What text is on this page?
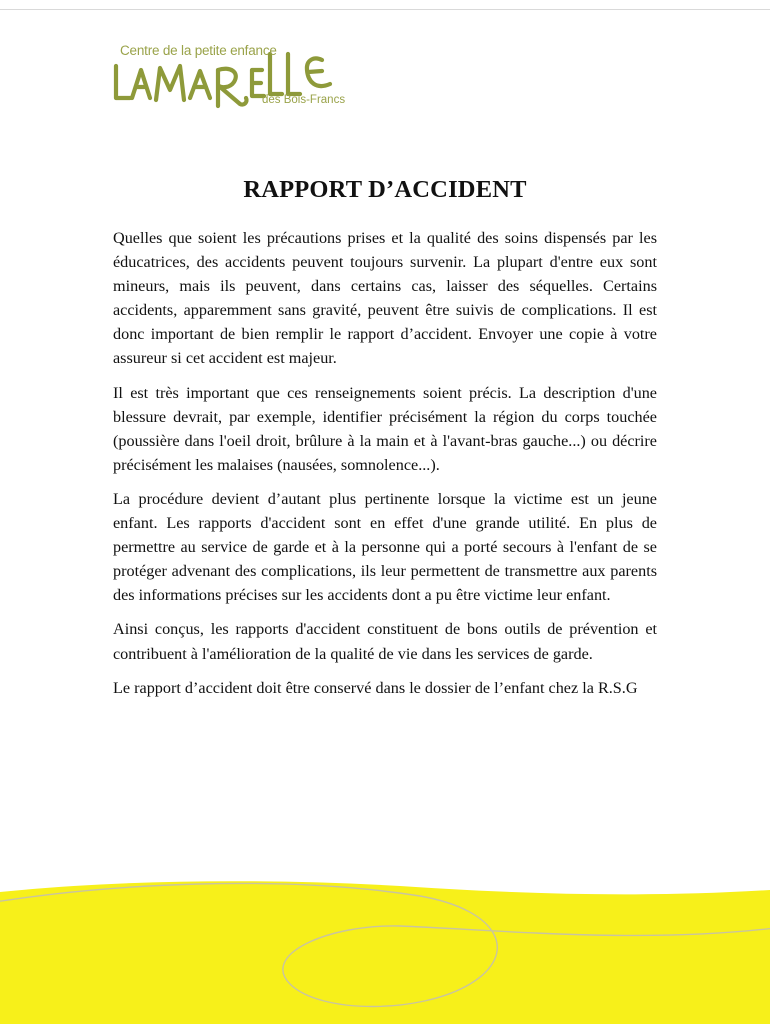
Centre de la petite enfance
des Bois-Francs
RAPPORT D’ACCIDENT

Quelles que soient les précautions prises et la qualité des soins dispensés par les éducatrices, des accidents peuvent toujours survenir. La plupart d'entre eux sont mineurs, mais ils peuvent, dans certains cas, laisser des séquelles. Certains accidents, apparemment sans gravité, peuvent être suivis de complications. Il est donc important de bien remplir le rapport d’accident. Envoyer une copie à votre assureur si cet accident est majeur.

Il est très important que ces renseignements soient précis. La description d'une blessure devrait, par exemple, identifier précisément la région du corps touchée (poussière dans l'oeil droit, brûlure à la main et à l'avant-bras gauche...) ou décrire précisément les malaises (nausées, somnolence...).

La procédure devient d’autant plus pertinente lorsque la victime est un jeune enfant. Les rapports d'accident sont en effet d'une grande utilité. En plus de permettre au service de garde et à la personne qui a porté secours à l'enfant de se protéger advenant des complications, ils leur permettent de transmettre aux parents des informations précises sur les accidents dont a pu être victime leur enfant.

Ainsi conçus, les rapports d'accident constituent de bons outils de prévention et contribuent à l'amélioration de la qualité de vie dans les services de garde.

Le rapport d’accident doit être conservé dans le dossier de l’enfant chez la R.S.G
